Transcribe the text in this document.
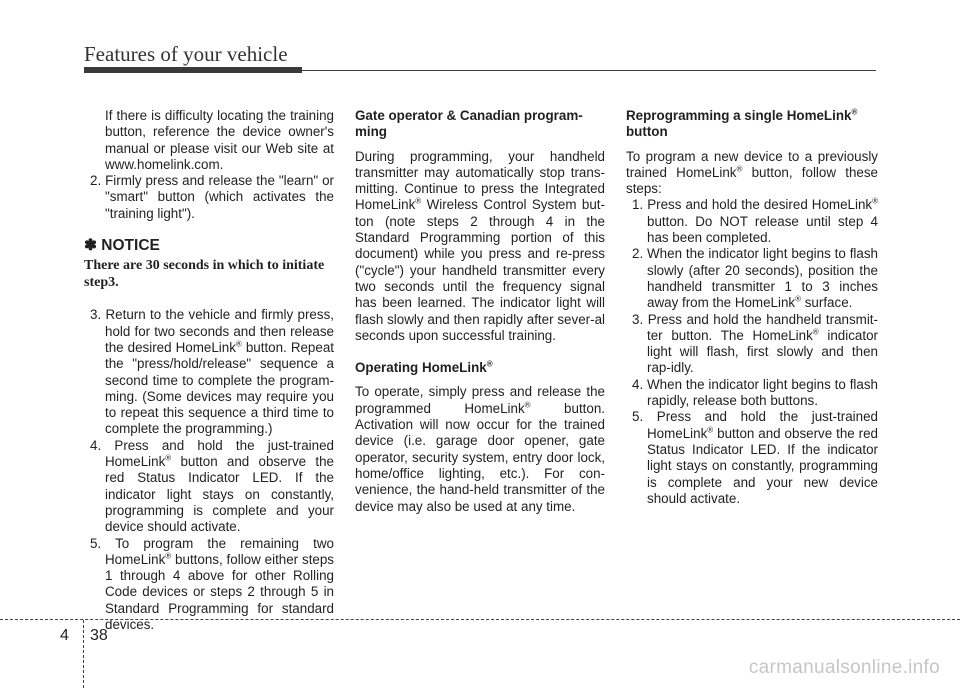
Features of your vehicle

If there is difficulty locating the training button, reference the device owner's manual or please visit our Web site at www.homelink.com.

2. Firmly press and release the "learn" or "smart" button (which activates the "training light").

✽ NOTICE

There are 30 seconds in which to initiate step3.

3. Return to the vehicle and firmly press, hold for two seconds and then release the desired HomeLink® button. Repeat the "press/hold/release" sequence a second time to complete the program-ming. (Some devices may require you to repeat this sequence a third time to complete the programming.)

4. Press and hold the just-trained HomeLink® button and observe the red Status Indicator LED. If the indicator light stays on constantly, programming is complete and your device should activate.

5. To program the remaining two HomeLink® buttons, follow either steps 1 through 4 above for other Rolling Code devices or steps 2 through 5 in Standard Programming for standard devices.

Gate operator & Canadian program-ming

During programming, your handheld transmitter may automatically stop trans-mitting. Continue to press the Integrated HomeLink® Wireless Control System but-ton (note steps 2 through 4 in the Standard Programming portion of this document) while you press and re-press ("cycle") your handheld transmitter every two seconds until the frequency signal has been learned. The indicator light will flash slowly and then rapidly after sever-al seconds upon successful training.

Operating HomeLink®

To operate, simply press and release the programmed HomeLink® button. Activation will now occur for the trained device (i.e. garage door opener, gate operator, security system, entry door lock, home/office lighting, etc.). For con-venience, the hand-held transmitter of the device may also be used at any time.

Reprogramming a single HomeLink®
button

To program a new device to a previously trained HomeLink® button, follow these steps:

1. Press and hold the desired HomeLink® button. Do NOT release until step 4 has been completed.

2. When the indicator light begins to flash slowly (after 20 seconds), position the handheld transmitter 1 to 3 inches away from the HomeLink® surface.

3. Press and hold the handheld transmit-ter button. The HomeLink® indicator light will flash, first slowly and then rap-idly.

4. When the indicator light begins to flash rapidly, release both buttons.

5. Press and hold the just-trained HomeLink® button and observe the red Status Indicator LED. If the indicator light stays on constantly, programming is complete and your new device should activate.

4 38
carmanualsonline.info
